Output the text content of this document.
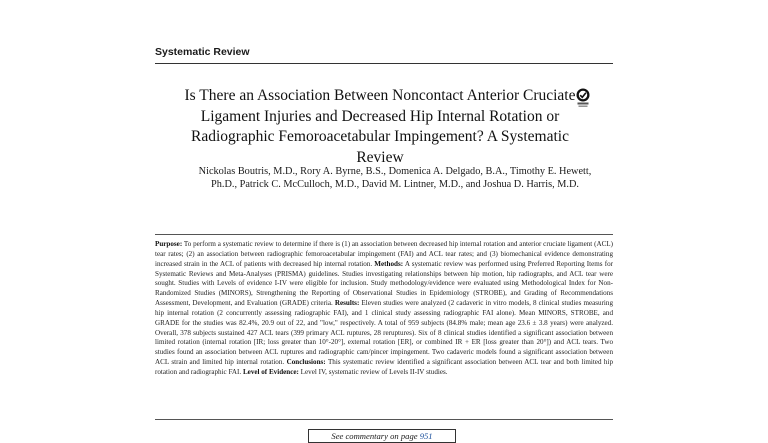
Systematic Review
Is There an Association Between Noncontact Anterior Cruciate Ligament Injuries and Decreased Hip Internal Rotation or Radiographic Femoroacetabular Impingement? A Systematic Review
Nickolas Boutris, M.D., Rory A. Byrne, B.S., Domenica A. Delgado, B.A., Timothy E. Hewett, Ph.D., Patrick C. McCulloch, M.D., David M. Lintner, M.D., and Joshua D. Harris, M.D.

Purpose: To perform a systematic review to determine if there is (1) an association between decreased hip internal rotation and anterior cruciate ligament (ACL) tear rates; (2) an association between radiographic femoroacetabular impingement (FAI) and ACL tear rates; and (3) biomechanical evidence demonstrating increased strain in the ACL of patients with decreased hip internal rotation. Methods: A systematic review was performed using Preferred Reporting Items for Systematic Reviews and Meta-Analyses (PRISMA) guidelines. Studies investigating relationships between hip motion, hip radiographs, and ACL tear were sought. Studies with Levels of evidence I-IV were eligible for inclusion. Study methodology/evidence were evaluated using Methodological Index for Non-Randomized Studies (MINORS), Strengthening the Reporting of Observational Studies in Epidemiology (STROBE), and Grading of Recommendations Assessment, Development, and Evaluation (GRADE) criteria. Results: Eleven studies were analyzed (2 cadaveric in vitro models, 8 clinical studies measuring hip internal rotation (2 concurrently assessing radiographic FAI), and 1 clinical study assessing radiographic FAI alone). Mean MINORS, STROBE, and GRADE for the studies was 82.4%, 20.9 out of 22, and "low," respectively. A total of 959 subjects (84.8% male; mean age 23.6 ± 3.8 years) were analyzed. Overall, 378 subjects sustained 427 ACL tears (399 primary ACL ruptures, 28 reruptures). Six of 8 clinical studies identified a significant association between limited rotation (internal rotation [IR; loss greater than 10°-20°], external rotation [ER], or combined IR + ER [loss greater than 20°]) and ACL tears. Two studies found an association between ACL ruptures and radiographic cam/pincer impingement. Two cadaveric models found a significant association between ACL strain and limited hip internal rotation. Conclusions: This systematic review identified a significant association between ACL tear and both limited hip rotation and radiographic FAI. Level of Evidence: Level IV, systematic review of Levels II-IV studies.

See commentary on page 951
